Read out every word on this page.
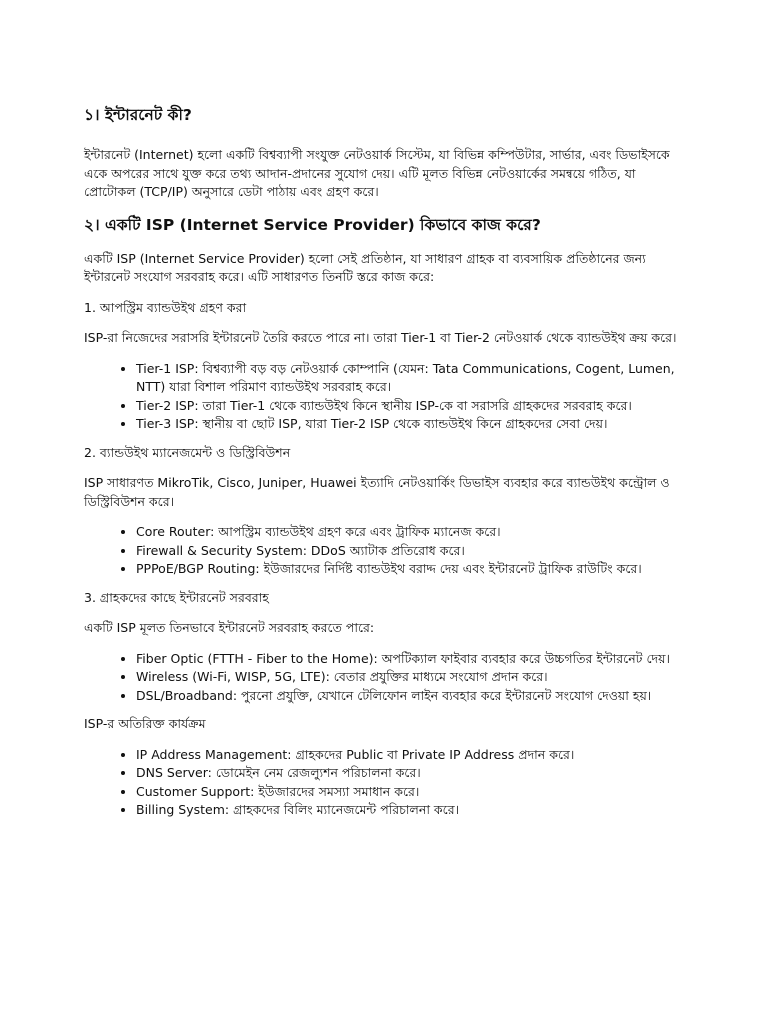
১। ইন্টারনেট কী?

ইন্টারনেট (Internet) হলো একটি বিশ্বব্যাপী সংযুক্ত নেটওয়ার্ক সিস্টেম, যা বিভিন্ন কম্পিউটার, সার্ভার, এবং ডিভাইসকে একে অপরের সাথে যুক্ত করে তথ্য আদান-প্রদানের সুযোগ দেয়। এটি মূলত বিভিন্ন নেটওয়ার্কের সমন্বয়ে গঠিত, যা প্রোটোকল (TCP/IP) অনুসারে ডেটা পাঠায় এবং গ্রহণ করে।

২। একটি ISP (Internet Service Provider) কিভাবে কাজ করে?

একটি ISP (Internet Service Provider) হলো সেই প্রতিষ্ঠান, যা সাধারণ গ্রাহক বা ব্যবসায়িক প্রতিষ্ঠানের জন্য ইন্টারনেট সংযোগ সরবরাহ করে। এটি সাধারণত তিনটি স্তরে কাজ করে:

1. আপস্ট্রিম ব্যান্ডউইথ গ্রহণ করা

ISP-রা নিজেদের সরাসরি ইন্টারনেট তৈরি করতে পারে না। তারা Tier-1 বা Tier-2 নেটওয়ার্ক থেকে ব্যান্ডউইথ ক্রয় করে।

• Tier-1 ISP: বিশ্বব্যাপী বড় বড় নেটওয়ার্ক কোম্পানি (যেমন: Tata Communications, Cogent, Lumen, NTT) যারা বিশাল পরিমাণ ব্যান্ডউইথ সরবরাহ করে।
• Tier-2 ISP: তারা Tier-1 থেকে ব্যান্ডউইথ কিনে স্থানীয় ISP-কে বা সরাসরি গ্রাহকদের সরবরাহ করে।
• Tier-3 ISP: স্থানীয় বা ছোট ISP, যারা Tier-2 ISP থেকে ব্যান্ডউইথ কিনে গ্রাহকদের সেবা দেয়।

2. ব্যান্ডউইথ ম্যানেজমেন্ট ও ডিস্ট্রিবিউশন

ISP সাধারণত MikroTik, Cisco, Juniper, Huawei ইত্যাদি নেটওয়ার্কিং ডিভাইস ব্যবহার করে ব্যান্ডউইথ কন্ট্রোল ও ডিস্ট্রিবিউশন করে।

• Core Router: আপস্ট্রিম ব্যান্ডউইথ গ্রহণ করে এবং ট্রাফিক ম্যানেজ করে।
• Firewall & Security System: DDoS অ্যাটাক প্রতিরোধ করে।
• PPPoE/BGP Routing: ইউজারদের নির্দিষ্ট ব্যান্ডউইথ বরাদ্দ দেয় এবং ইন্টারনেট ট্রাফিক রাউটিং করে।

3. গ্রাহকদের কাছে ইন্টারনেট সরবরাহ

একটি ISP মূলত তিনভাবে ইন্টারনেট সরবরাহ করতে পারে:

• Fiber Optic (FTTH - Fiber to the Home): অপটিক্যাল ফাইবার ব্যবহার করে উচ্চগতির ইন্টারনেট দেয়।
• Wireless (Wi-Fi, WISP, 5G, LTE): বেতার প্রযুক্তির মাধ্যমে সংযোগ প্রদান করে।
• DSL/Broadband: পুরনো প্রযুক্তি, যেখানে টেলিফোন লাইন ব্যবহার করে ইন্টারনেট সংযোগ দেওয়া হয়।

ISP-র অতিরিক্ত কার্যক্রম

• IP Address Management: গ্রাহকদের Public বা Private IP Address প্রদান করে।
• DNS Server: ডোমেইন নেম রেজল্যুশন পরিচালনা করে।
• Customer Support: ইউজারদের সমস্যা সমাধান করে।
• Billing System: গ্রাহকদের বিলিং ম্যানেজমেন্ট পরিচালনা করে।
